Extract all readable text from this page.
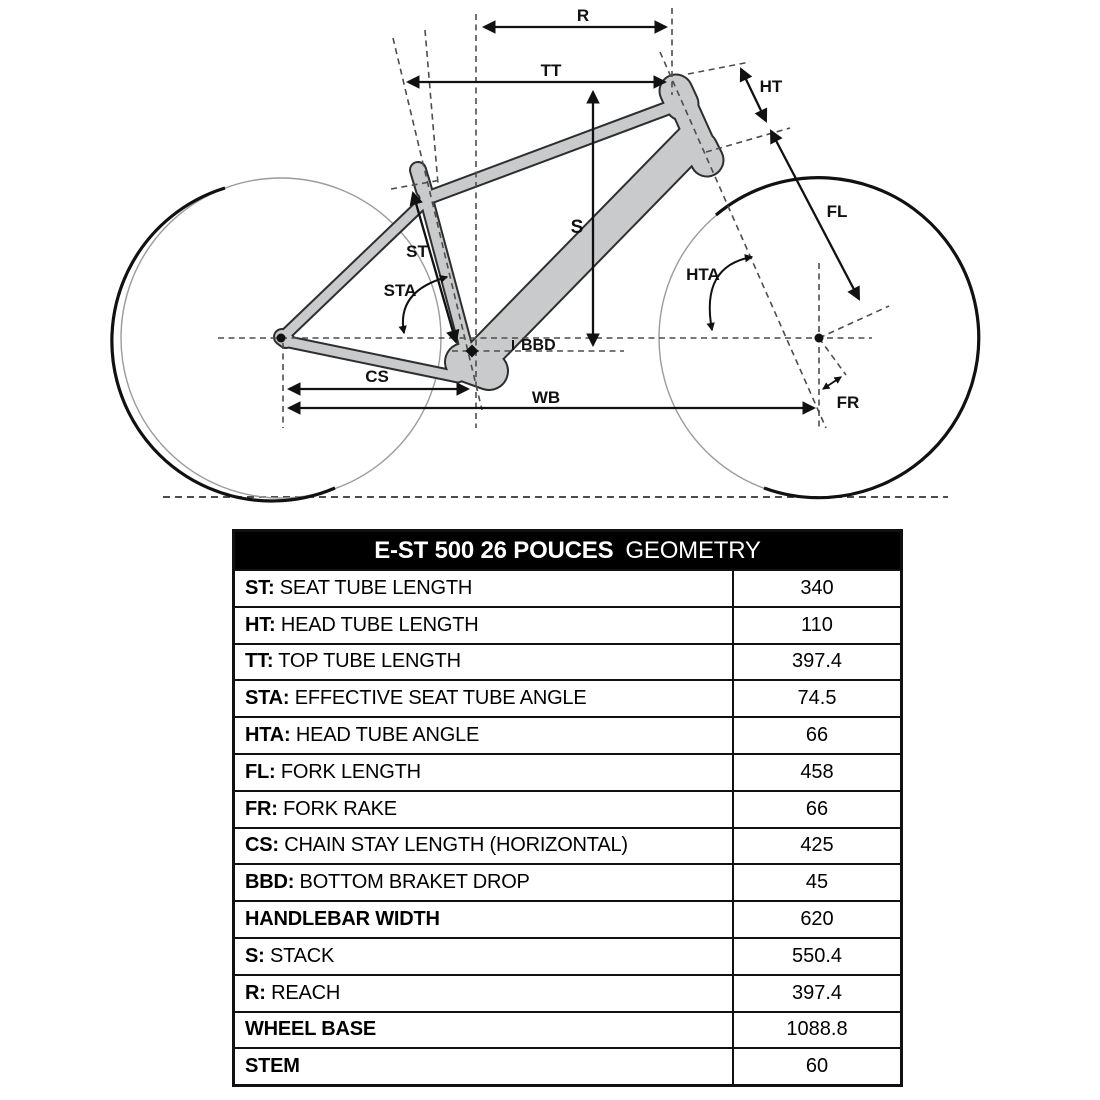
R
TT
HT
FL
S
ST
STA
HTA
BBD
CS
WB	FR
E-ST 500 26 POUCES GEOMETRY
ST: SEAT TUBE LENGTH	340
HT: HEAD TUBE LENGTH	110
TT: TOP TUBE LENGTH	397.4
STA: EFFECTIVE SEAT TUBE ANGLE	74.5
HTA: HEAD TUBE ANGLE	66
FL: FORK LENGTH	458
FR: FORK RAKE	66
CS: CHAIN STAY LENGTH (HORIZONTAL)	425
BBD: BOTTOM BRAKET DROP	45
HANDLEBAR WIDTH	620
S: STACK	550.4
R: REACH	397.4
WHEEL BASE	1088.8
STEM	60
